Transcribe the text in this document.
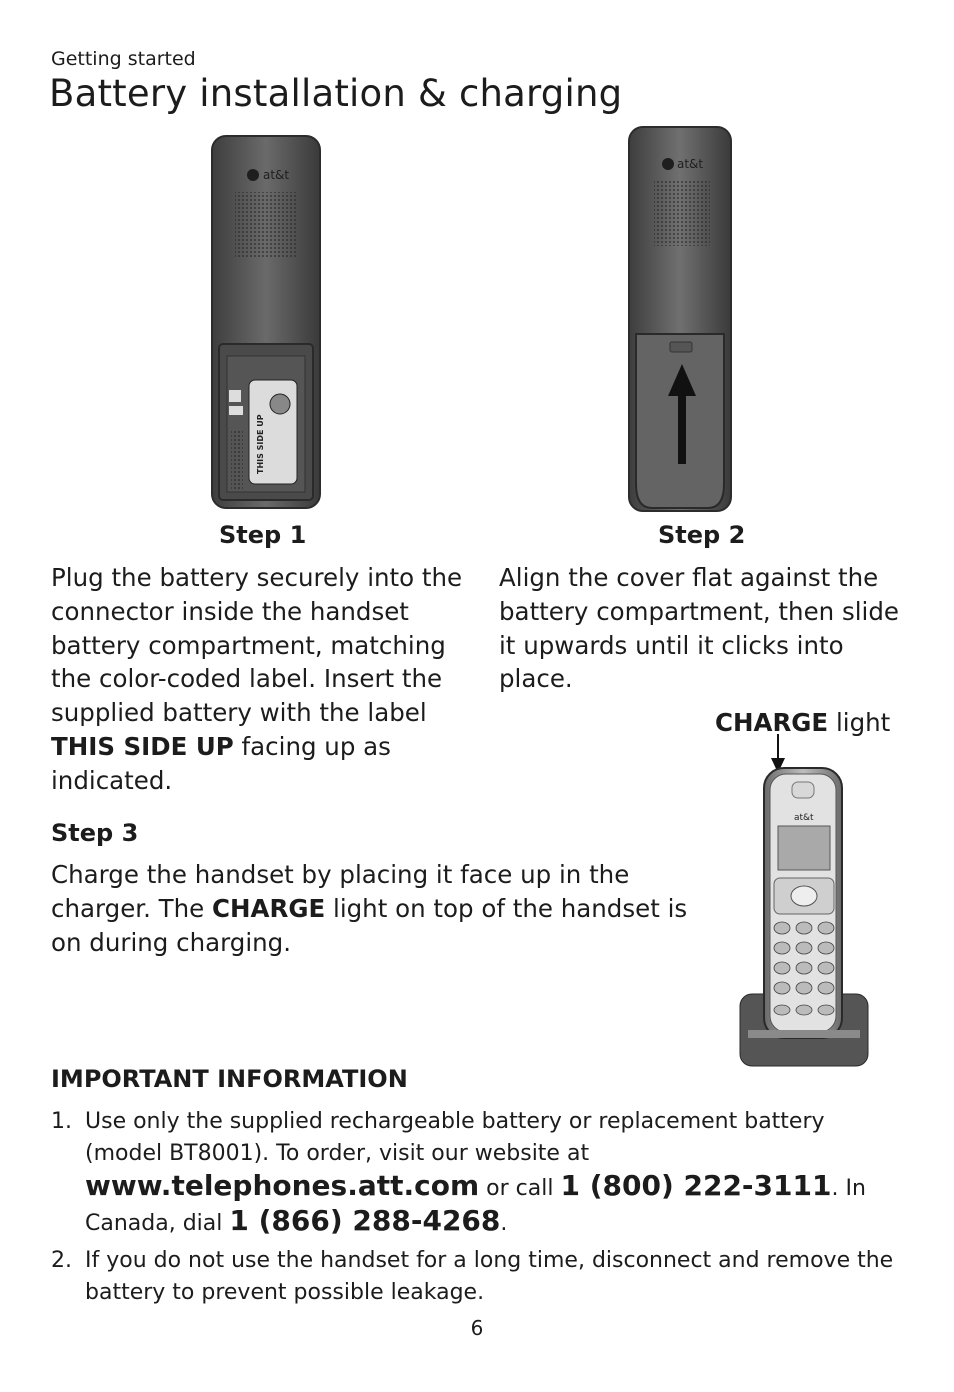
Getting started
Battery installation & charging
at&t
THIS SIDE UP
at&t
Step 1
Plug the battery securely into the connector inside the handset battery compartment, matching the color-coded label. Insert the supplied battery with the label THIS SIDE UP facing up as indicated.
Step 2
Align the cover flat against the battery compartment, then slide it upwards until it clicks into place.
CHARGE light
at&t
Step 3
Charge the handset by placing it face up in the charger. The CHARGE light on top of the handset is on during charging.
IMPORTANT INFORMATION
1. Use only the supplied rechargeable battery or replacement battery (model BT8001). To order, visit our website at
www.telephones.att.com or call 1 (800) 222-3111. In Canada, dial 1 (866) 288-4268.
2. If you do not use the handset for a long time, disconnect and remove the battery to prevent possible leakage.
6
